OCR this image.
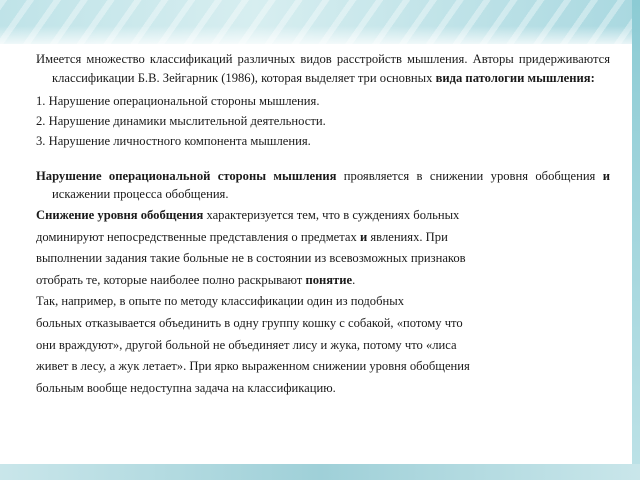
Имеется множество классификаций различных видов расстройств мышления. Авторы придерживаются классификации Б.В. Зейгарник (1986), которая выделяет три основных вида патологии мышления:

1. Нарушение операциональной стороны мышления.

2. Нарушение динамики мыслительной деятельности.

3. Нарушение личностного компонента мышления.

Нарушение операциональной стороны мышления проявляется в снижении уровня обобщения и искажении процесса обобщения.

Снижение уровня обобщения характеризуется тем, что в суждениях больных

доминируют непосредственные представления о предметах и явлениях. При

выполнении задания такие больные не в состоянии из всевозможных признаков

отобрать те, которые наиболее полно раскрывают понятие.

Так, например, в опыте по методу классификации один из подобных

больных отказывается объединить в одну группу кошку с собакой, «потому что

они враждуют», другой больной не объединяет лису и жука, потому что «лиса

живет в лесу, а жук летает». При ярко выраженном снижении уровня обобщения

больным вообще недоступна задача на классификацию.
